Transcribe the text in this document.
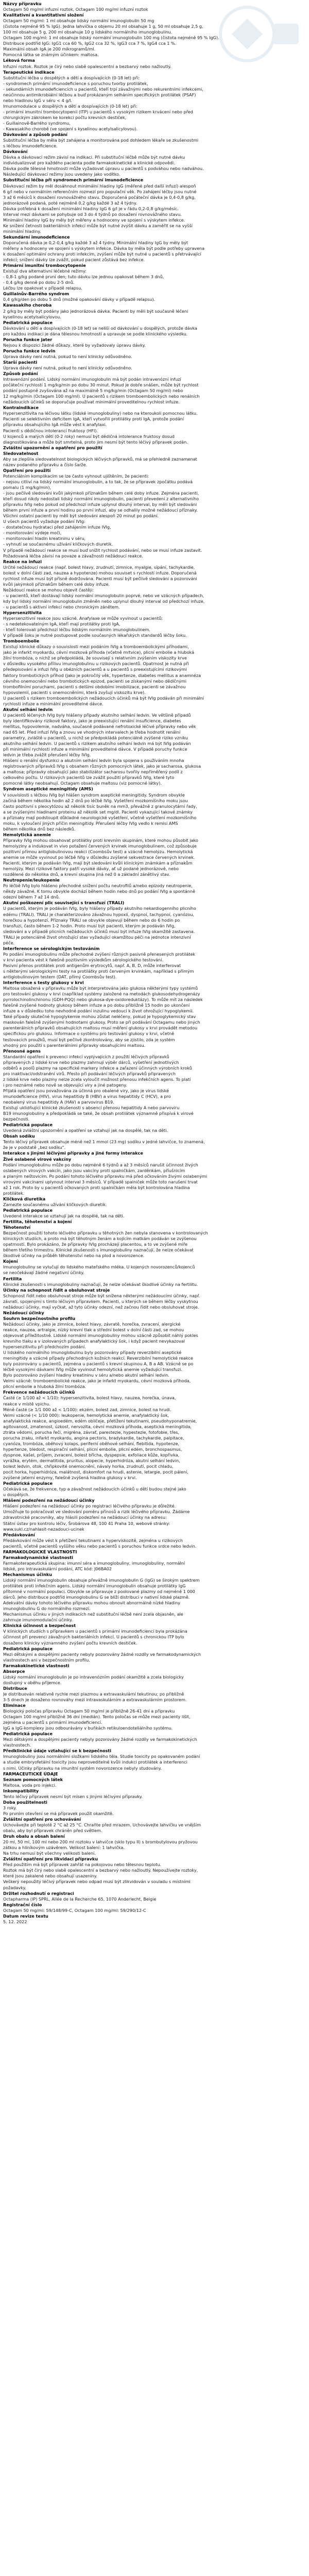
Názvy přípravku
Octagam 50 mg/ml infuzní roztok, Octagam 100 mg/ml infuzní roztok
Kvalitativní a kvantitativní složení
Octagam 50 mg/ml: 1 ml obsahuje lidský normální imunoglobulin 50 mg
(čistota nejméně 95 % IgG). Jedna lahvička o objemu 20 ml obsahuje 1 g, 50 ml obsahuje 2,5 g,
100 ml obsahuje 5 g, 200 ml obsahuje 10 g lidského normálního imunoglobulinu.
Octagam 100 mg/ml: 1 ml obsahuje lidský normální imunoglobulin 100 mg (čistota nejméně 95 % IgG).
Distribuce podtříd IgG: IgG1 cca 60 %, IgG2 cca 32 %, IgG3 cca 7 %, IgG4 cca 1 %.
Maximální obsah IgA je 200 mikrogramů/ml.
Pomocná látka se známým účinkem: maltosa.
Léková forma
Infuzní roztok. Roztok je čirý nebo slabě opalescentní a bezbarvý nebo nažloutlý.
Terapeutické indikace
Substituční léčba u dospělých a dětí a dospívajících (0-18 let) při:
- syndromech primární imunodeficience s poruchou tvorby protilátek,
- sekundárních imunodeficiencích u pacientů, kteří trpí závažnými nebo rekurentními infekcemi,
neúčinnou antimikrobiální léčbou a buď prokázaným selháním specifických protilátek (PSAF)
nebo hladinou IgG v séru < 4 g/l.
Imunomodulace u dospělých a dětí a dospívajících (0-18 let) při:
- primární imunitní trombocytopenii (ITP) u pacientů s vysokým rizikem krvácení nebo před
chirurgickým zákrokem ke korekci počtu krevních destiček,
- Guillainově-Barrého syndromu,
- Kawasakiho chorobě (ve spojení s kyselinou acetylsalicylovou).
Dávkování a způsob podání
Substituční léčba by měla být zahájena a monitorována pod dohledem lékaře se zkušenostmi
s léčbou imunodeficience.
Dávkování
Dávka a dávkovací režim závisí na indikaci. Při substituční léčbě může být nutné dávku
individualizovat pro každého pacienta podle farmakokinetické a klinické odpovědi.
Dávka podle tělesné hmotnosti může vyžadovat úpravu u pacientů s podváhou nebo nadváhou.
Následující dávkovací režimy jsou uvedeny jako vodítko.
Substituční léčba při syndromech primární imunodeficience
Dávkovací režim by měl dosáhnout minimální hladiny IgG (měřené před další infuzí) alespoň
6 g/l nebo v normálním referenčním rozmezí pro populační věk. Po zahájení léčby jsou nutné
3 až 6 měsíců k dosažení rovnovážného stavu. Doporučená počáteční dávka je 0,4-0,8 g/kg,
jednorázově podaná, poté nejméně 0,2 g/kg každé 3 až 4 týdny.
Dávka potřebná k dosažení minimální hladiny IgG 6 g/l je v řádu 0,2-0,8 g/kg/měsíc.
Interval mezi dávkami se pohybuje od 3 do 4 týdnů po dosažení rovnovážného stavu.
Minimální hladiny IgG by měly být měřeny a hodnoceny ve spojení s výskytem infekce.
Ke snížení četnosti bakteriálních infekcí může být nutné zvýšit dávku a zaměřit se na vyšší
minimální hladiny.
Sekundární imunodeficience
Doporučená dávka je 0,2-0,4 g/kg každé 3 až 4 týdny. Minimální hladiny IgG by měly být
měřeny a hodnoceny ve spojení s výskytem infekce. Dávka by měla být podle potřeby upravena
k dosažení optimální ochrany proti infekcím, zvýšení může být nutné u pacientů s přetrvávající
infekcí; snížení dávky lze zvážit, pokud pacient zůstává bez infekce.
Primární imunitní trombocytopenie
Existují dva alternativní léčebné režimy:
- 0,8-1 g/kg podané první den; tuto dávku lze jednou opakovat během 3 dnů,
- 0,4 g/kg denně po dobu 2-5 dnů.
Léčbu lze opakovat v případě relapsu.
Guillainův-Barrého syndrom
0,4 g/kg/den po dobu 5 dnů (možné opakování dávky v případě relapsu).
Kawasakiho choroba
2 g/kg by měly být podány jako jednorázová dávka. Pacienti by měli být současně léčeni
kyselinou acetylsalicylovou.
Pediatrická populace
Dávkování u dětí a dospívajících (0-18 let) se neliší od dávkování u dospělých, protože dávka
pro každou indikaci je dána tělesnou hmotností a upravuje se podle klinického výsledku.
Porucha funkce jater
Nejsou k dispozici žádné důkazy, které by vyžadovaly úpravu dávky.
Porucha funkce ledvin
Úprava dávky není nutná, pokud to není klinicky odůvodněno.
Starší pacienti
Úprava dávky není nutná, pokud to není klinicky odůvodněno.
Způsob podání
Intravenózní podání. Lidský normální imunoglobulin má být podán intravenózní infuzí
počáteční rychlostí 1 mg/kg/min po dobu 30 minut. Pokud je dobře snášen, může být rychlost
podání postupně zvyšována až na maximálně 5 mg/kg/min (Octagam 50 mg/ml) nebo
12 mg/kg/min (Octagam 100 mg/ml). U pacientů s rizikem tromboembolických nebo renálních
nežádoucích účinků se doporučuje používat minimální proveditelnou rychlost infuze.
Kontraindikace
Hypersenzitivita na léčivou látku (lidské imunoglobuliny) nebo na kteroukoli pomocnou látku.
Pacienti se selektivním deficitem IgA, kteří vytvořili protilátky proti IgA, protože podání
přípravku obsahujícího IgA může vést k anafylaxi.
Pacienti s dědičnou intolerancí fruktosy (HFI).
U kojenců a malých dětí (0-2 roky) nemusí být dědičná intolerance fruktosy dosud
diagnostikována a může být smrtelná, proto jim nesmí být tento léčivý přípravek podán.
Zvláštní upozornění a opatření pro použití
Sledovatelnost
Aby se zlepšila sledovatelnost biologických léčivých přípravků, má se přehledně zaznamenat
název podaného přípravku a číslo šarže.
Opatření pro použití
Potenciálním komplikacím se lze často vyhnout ujištěním, že pacienti:
- nejsou citliví na lidský normální imunoglobulin, a to tak, že se přípravek zpočátku podává
pomalu (1 mg/kg/min),
- jsou pečlivě sledováni kvůli jakýmkoli příznakům během celé doby infuze. Zejména pacienti,
kteří dosud nikdy nedostali lidský normální imunoglobulin, pacienti převedení z alternativního
přípravku IVIg nebo pokud od předchozí infuze uplynul dlouhý interval, by měli být sledováni
během první infuze a první hodinu po první infuzi, aby se odhalily možné nežádoucí příznaky.
Všichni ostatní pacienti by měli být sledováni alespoň 20 minut po podání.
U všech pacientů vyžaduje podání IVIg:
- dostatečnou hydrataci před zahájením infuze IVIg,
- monitorování výdeje moči,
- monitorování hladin kreatininu v séru,
- vyhnutí se současnému užívání kličkových diuretik.
V případě nežádoucí reakce se musí buď snížit rychlost podávání, nebo se musí infuze zastavit.
Požadovaná léčba závisí na povaze a závažnosti nežádoucí reakce.
Reakce na infuzi
Určité nežádoucí reakce (např. bolest hlavy, zrudnutí, zimnice, myalgie, sípání, tachykardie,
bolest v dolní části zad, nauzea a hypotenze) mohou souviset s rychlostí infuze. Doporučená
rychlost infuze musí být přísně dodržována. Pacienti musí být pečlivě sledováni a pozorováni
kvůli jakýmkoli příznakům během celé doby infuze.
Nežádoucí reakce se mohou objevit častěji:
- u pacientů, kteří dostávají lidský normální imunoglobulin poprvé, nebo ve vzácných případech,
kdy byl lidský normální imunoglobulin změněn nebo uplynul dlouhý interval od předchozí infuze,
- u pacientů s aktivní infekcí nebo chronickým zánětem.
Hypersenzitivita
Hypersenzitivní reakce jsou vzácné. Anafylaxe se může vyvinout u pacientů:
- s nedetekovatelným IgA, kteří mají protilátky proti IgA,
- kteří tolerovali předchozí léčbu lidským normálním imunoglobulinem.
V případě šoku je nutné postupovat podle současných lékařských standardů léčby šoku.
Tromboembolie
Existují klinické důkazy o souvislosti mezi podáním IVIg a tromboembolickými příhodami,
jako je infarkt myokardu, cévní mozková příhoda (včetně mrtvice), plicní embolie a hluboká
žilní trombóza, o nichž se předpokládá, že souvisejí s relativním zvýšením viskozity krve
v důsledku vysokého přílivu imunoglobulinu u rizikových pacientů. Opatrnost je nutná při
předepisování a infuzi IVIg u obézních pacientů a u pacientů s preexistujícími rizikovými
faktory trombotických příhod (jako je pokročilý věk, hypertenze, diabetes mellitus a anamnéza
cévního onemocnění nebo trombotických epizod, pacienti se získanými nebo dědičnými
trombofilními poruchami, pacienti s delšími obdobími imobilizace, pacienti se závažnou
hypovolemií, pacienti s onemocněními, která zvyšují viskozitu krve).
U pacientů s rizikem tromboembolických nežádoucích účinků má být IVIg podáván při minimální
rychlosti infuze a minimální proveditelné dávce.
Akutní selhání ledvin
U pacientů léčených IVIg byly hlášeny případy akutního selhání ledvin. Ve většině případů
byly identifikovány rizikové faktory, jako je preexistující renální insuficience, diabetes
mellitus, hypovolemie, nadváha, současně podávané nefrotoxické léčivé přípravky nebo věk
nad 65 let. Před infuzí IVIg a znovu ve vhodných intervalech je třeba hodnotit renální
parametry, zvláště u pacientů, u nichž se předpokládá potenciálně zvýšené riziko vzniku
akutního selhání ledvin. U pacientů s rizikem akutního selhání ledvin má být IVIg podáván
při minimální rychlosti infuze a minimální proveditelné dávce. V případě poruchy funkce
ledvin je třeba zvážit přerušení léčby IVIg.
Hlášení o renální dysfunkci a akutním selhání ledvin byla spojena s používáním mnoha
registrovaných přípravků IVIg s obsahem různých pomocných látek, jako je sacharosa, glukosa
a maltosa; přípravky obsahující jako stabilizátor sacharosu tvořily nepřiměřený podíl z
celkového počtu. U rizikových pacientů lze zvážit použití přípravků IVIg, které tyto
pomocné látky neobsahují. Octagam obsahuje maltosu (viz pomocné látky).
Syndrom aseptické meningitidy (AMS)
V souvislosti s léčbou IVIg byl hlášen syndrom aseptické meningitidy. Syndrom obvykle
začíná během několika hodin až 2 dnů po léčbě IVIg. Vyšetření mozkomíšního moku jsou
často pozitivní s pleocytózou až několik tisíc buněk na mm3, převážně z granulocytární řady,
a se zvýšenými hladinami proteinu až několik set mg/dl. Pacienti vykazující takové známky
a příznaky mají podstoupit důkladné neurologické vyšetření, včetně vyšetření mozkomíšního
moku, k vyloučení jiných příčin meningitidy. Přerušení léčby IVIg vedlo k remisi AMS
během několika dnů bez následků.
Hemolytická anemie
Přípravky IVIg mohou obsahovat protilátky proti krevním skupinám, které mohou působit jako
hemolyziny a indukovat in vivo potažení červených krvinek imunoglobulinem, což způsobuje
pozitivní přímou antiglobulinovou reakci (Coombsův test) a vzácně hemolýzu. Hemolytická
anemie se může vyvinout po léčbě IVIg v důsledku zvýšené sekvestrace červených krvinek.
Pacienti, kterým je podáván IVIg, mají být sledováni kvůli klinickým známkám a příznakům
hemolýzy. Mezi rizikové faktory patří vysoké dávky, ať už podané jednorázově, nebo
rozdělené do několika dnů, a krevní skupina jiná než 0 a základní zánětlivý stav.
Neutropenie/leukopenie
Po léčbě IVIg bylo hlášeno přechodné snížení počtu neutrofilů a/nebo epizody neutropenie,
někdy závažné. K tomu obvykle dochází během hodin nebo dnů po podání IVIg a spontánně
odezní během 7 až 14 dnů.
Akutní poškození plic související s transfuzí (TRALI)
U pacientů, kterým je podáván IVIg, byly hlášeny případy akutního nekardiogenního plicního
edému (TRALI). TRALI je charakterizováno závažnou hypoxií, dyspnoí, tachypnoí, cyanózou,
horečkou a hypotenzí. Příznaky TRALI se obvykle objevují během nebo do 6 hodin po
transfuzi, často během 1-2 hodin. Proto musí být pacienti, kterým je podáván IVIg,
sledováni a v případě plicních nežádoucích účinků musí být infuze IVIg okamžitě zastavena.
TRALI je potenciálně život ohrožující stav vyžadující okamžitou péči na jednotce intenzivní
péče.
Interference se sérologickým testováním
Po podání imunoglobulinu může přechodné zvýšení různých pasivně přenesených protilátek
v krvi pacienta vést k falešně pozitivním výsledkům sérologického testování.
Pasivní přenos protilátek proti antigenům erytrocytů, např. A, B, D, může interferovat
s některými sérologickými testy na protilátky proti červeným krvinkám, například s přímým
antiglobulinovým testem (DAT, přímý Coombsův test).
Interference s testy glukosy v krvi
Maltosa obsažená v přípravku může být interpretována jako glukosa některými typy systémů
pro testování glukosy v krvi (například systémy založené na metodách glukosodehydrogenázy
pyrrolochinolinchinonu (GDH-PQQ) nebo glukosa-dye-oxidoreduktázy). To může mít za následek
falešně zvýšené hodnoty glukosy během infuze a po dobu přibližně 15 hodin po ukončení
infuze a v důsledku toho nevhodné podání inzulinu vedoucí k život ohrožující hypoglykemii.
Také případy skutečné hypoglykemie mohou zůstat neléčeny, pokud je hypoglykemický stav
maskován falešně zvýšenými hodnotami glukosy. Proto se při podávání Octagamu nebo jiných
parenterálních přípravků obsahujících maltosu musí měření glukosy v krvi provádět metodou
specifickou pro glukosu. Informace o systému pro testování glukosy v krvi, včetně
testovacích proužků, musí být pečlivě zkontrolovány, aby se zjistilo, zda je systém
vhodný pro použití s parenterálními přípravky obsahujícími maltosu.
Přenosné agens
Standardní opatření k prevenci infekcí vyplývajících z použití léčivých přípravků
připravených z lidské krve nebo plazmy zahrnují výběr dárců, vyšetření jednotlivých
odběrů a poolů plazmy na specifické markery infekce a zařazení účinných výrobních kroků
pro inaktivaci/odstranění virů. Přesto při podávání léčivých přípravků připravených
z lidské krve nebo plazmy nelze zcela vyloučit možnost přenosu infekčních agens. To platí
i pro neznámé nebo nově se objevující viry a jiné patogeny.
Přijatá opatření jsou považována za účinná pro obalené viry, jako je virus lidské
imunodeficience (HIV), virus hepatitidy B (HBV) a virus hepatitidy C (HCV), a pro
neobalený virus hepatitidy A (HAV) a parvovirus B19.
Existují uklidňující klinické zkušenosti s absencí přenosu hepatitidy A nebo parvoviru
B19 imunoglobuliny a předpokládá se také, že obsah protilátek významně přispívá k virové
bezpečnosti.
Pediatrická populace
Uvedená zvláštní upozornění a opatření se vztahují jak na dospělé, tak na děti.
Obsah sodíku
Tento léčivý přípravek obsahuje méně než 1 mmol (23 mg) sodíku v jedné lahvičce, to znamená,
že je v podstatě „bez sodíku“.
Interakce s jinými léčivými přípravky a jiné formy interakce
Živé oslabené virové vakcíny
Podání imunoglobulinu může po dobu nejméně 6 týdnů a až 3 měsíců narušit účinnost živých
oslabených virových vakcín, jako jsou vakcíny proti spalničkám, zarděnkám, příušnicím
a planým neštovicím. Po podání tohoto léčivého přípravku má před očkováním živými oslabenými
virovými vakcínami uplynout interval 3 měsíců. V případě spalniček může toto narušení trvat
až 1 rok. Proto by u pacientů očkovaných proti spalničkám měla být kontrolována hladina
protilátek.
Kličková diuretika
Zamezte současnému užívání kličkových diuretik.
Pediatrická populace
Uvedené interakce se vztahují jak na dospělé, tak na děti.
Fertilita, těhotenství a kojení
Těhotenství
Bezpečnost použití tohoto léčivého přípravku u těhotných žen nebyla stanovena v kontrolovaných
klinických studiích, a proto má být těhotným ženám a kojícím matkám podáván se zvýšenou
opatrností. Bylo prokázáno, že přípravky IVIg procházejí placentou, a to ve zvýšené míře
během třetího trimestru. Klinické zkušenosti s imunoglobuliny naznačují, že nelze očekávat
škodlivé účinky na průběh těhotenství nebo na plod a novorozence.
Kojení
Imunoglobuliny se vylučují do lidského mateřského mléka. U kojených novorozenců/kojenců
se neočekávají žádné negativní účinky.
Fertilita
Klinické zkušenosti s imunoglobuliny naznačují, že nelze očekávat škodlivé účinky na fertilitu.
Účinky na schopnost řídit a obsluhovat stroje
Schopnost řídit nebo obsluhovat stroje může být snížena některými nežádoucími účinky, např.
závratí, spojenými s tímto léčivým přípravkem. Pacienti, u kterých se během léčby vyskytnou
nežádoucí účinky, mají vyčkat, až tyto účinky odezní, než začnou řídit nebo obsluhovat stroje.
Nežádoucí účinky
Souhrn bezpečnostního profilu
Nežádoucí účinky, jako je zimnice, bolest hlavy, závratě, horečka, zvracení, alergické
reakce, nauzea, artralgie, nízký krevní tlak a střední bolest v dolní části zad, se mohou
objevovat příležitostně. Lidské normální imunoglobuliny mohou vzácně způsobit náhlý pokles
krevního tlaku a v izolovaných případech anafylaktický šok, i když pacient nevykazoval
hypersenzitivitu při předchozím podání.
U lidského normálního imunoglobulinu byly pozorovány případy reverzibilní aseptické
meningitidy a vzácné případy přechodných kožních reakcí. Reverzibilní hemolytické reakce
byly pozorovány u pacientů, zejména u pacientů s krevní skupinou A, B a AB. Vzácně se po
léčbě vysokými dávkami IVIg může vyvinout hemolytická anemie vyžadující transfuzi.
Bylo pozorováno zvýšení hladiny kreatininu v séru a/nebo akutní selhání ledvin.
Velmi vzácně: tromboembolické reakce, jako je infarkt myokardu, cévní mozková příhoda,
plicní embolie a hluboká žilní trombóza.
Frekvence nežádoucích účinků
Časté (≥ 1/100 až < 1/10): hypersenzitivita, bolest hlavy, nauzea, horečka, únava,
reakce v místě vpichu.
Méně časté (≥ 1/1 000 až < 1/100): ekzém, bolest zad, zimnice, bolest na hrudi.
Velmi vzácné (< 1/10 000): leukopenie, hemolytická anemie, anafylaktický šok,
anafylaktická reakce, angioedém, edém obličeje, přetížení tekutinami, pseudohyponatremie,
agitovanost, zmatenost, úzkost, nervozita, cévní mozková příhoda, aseptická meningitida,
ztráta vědomí, porucha řeči, migréna, závrať, parestezie, hypestezie, fotofobie, třes,
porucha zraku, infarkt myokardu, angina pectoris, bradykardie, tachykardie, palpitace,
cyanóza, trombóza, oběhový kolaps, periferní oběhové selhání, flebitida, hypotenze,
hypertenze, bledost, respirační selhání, plicní embolie, plicní edém, bronchospasmus,
dyspnoe, kašel, průjem, zvracení, bolest břicha, dyspepsie, exfoliace kůže, kopřivka,
vyrážka, erytém, dermatitida, pruritus, alopecie, hyperhidróza, akutní selhání ledvin,
bolest ledvin, otok, chřipkovité onemocnění, návaly horka, zrudnutí, pocit chladu,
pocit horka, hyperhidróza, malátnost, diskomfort na hrudi, astenie, letargie, pocit pálení,
zvýšené jaterní enzymy, falešně zvýšená hladina glukosy v krvi.
Pediatrická populace
Očekává se, že frekvence, typ a závažnost nežádoucích účinků u dětí budou stejné jako
u dospělých.
Hlášení podezření na nežádoucí účinky
Hlášení podezření na nežádoucí účinky po registraci léčivého přípravku je důležité.
Umožňuje to pokračovat ve sledování poměru přínosů a rizik léčivého přípravku. Žádáme
zdravotnické pracovníky, aby hlásili podezření na nežádoucí účinky na adresu:
Státní ústav pro kontrolu léčiv, Šrobárova 48, 100 41 Praha 10, webové stránky:
www.sukl.cz/nahlasit-nezadouci-ucinek
Předávkování
Předávkování může vést k přetížení tekutinami a hyperviskozitě, zejména u rizikových
pacientů, včetně pacientů vyššího věku nebo pacientů s poruchou funkce srdce nebo ledvin.
FARMAKOLOGICKÉ VLASTNOSTI
Farmakodynamické vlastnosti
Farmakoterapeutická skupina: imunní séra a imunoglobuliny, imunoglobuliny, normální
lidské, pro intravaskulární podání, ATC kód: J06BA02
Mechanismus účinku
Lidský normální imunoglobulin obsahuje převážně imunoglobulin G (IgG) se širokým spektrem
protilátek proti infekčním agens. Lidský normální imunoglobulin obsahuje protilátky IgG
přítomné v normální populaci. Obvykle se připravuje z poolované plazmy od nejméně 1 000
dárců. Jeho distribuce podtříd imunoglobulinu G se blíží distribuci v nativní lidské plazmě.
Adekvátní dávky tohoto léčivého přípravku mohou obnovit abnormálně nízké hladiny
imunoglobulinu G do normálního rozmezí.
Mechanismus účinku v jiných indikacích než substituční léčbě není zcela objasněn, ale
zahrnuje imunomodulační účinky.
Klinická účinnost a bezpečnost
V klinických studiích s přípravkem u pacientů s primární imunodeficiencí byla prokázána
účinnost při prevenci závažných bakteriálních infekcí. U pacientů s chronickou ITP bylo
dosaženo klinicky významného zvýšení počtu krevních destiček.
Pediatrická populace
Mezi dětskými a dospělými pacienty nebyly pozorovány žádné rozdíly ve farmakodynamických
vlastnostech ani v bezpečnostním profilu.
Farmakokinetické vlastnosti
Absorpce
Lidský normální imunoglobulin je po intravenózním podání okamžitě a zcela biologicky
dostupný v oběhu příjemce.
Distribuce
Je distribuován relativně rychle mezi plazmou a extravaskulární tekutinou; po přibližně
3-5 dnech je dosaženo rovnováhy mezi intravaskulárním a extravaskulárním prostorem.
Eliminace
Biologický poločas přípravku Octagam 50 mg/ml je přibližně 26-41 dní a přípravku
Octagam 100 mg/ml přibližně 36 dní (medián). Tento poločas se může mezi pacienty lišit,
zejména u pacientů s primární imunodeficiencí.
IgG a IgG-komplexy jsou odbourávány v buňkách retikuloendoteliálního systému.
Pediatrická populace
Mezi dětskými a dospělými pacienty nebyly pozorovány žádné rozdíly ve farmakokinetických
vlastnostech.
Předklinické údaje vztahující se k bezpečnosti
Imunoglobuliny jsou normálními složkami lidského těla. Studie toxicity po opakovaném podání
a studie embryofetální toxicity jsou neproveditelné kvůli indukci protilátek a interferenci
s nimi. Účinky přípravku na imunitní systém novorozence nebyly studovány.
FARMACEUTICKÉ ÚDAJE
Seznam pomocných látek
Maltosa, voda pro injekci.
Inkompatibility
Tento léčivý přípravek nesmí být mísen s jinými léčivými přípravky.
Doba použitelnosti
3 roky.
Po prvním otevření se má přípravek použít okamžitě.
Zvláštní opatření pro uchovávání
Uchovávejte při teplotě 2 °C až 25 °C. Chraňte před mrazem. Uchovávejte lahvičku ve vnějším
obalu, aby byl přípravek chráněn před světlem.
Druh obalu a obsah balení
20 ml, 50 ml, 100 ml nebo 200 ml roztoku v lahvičce (sklo typu II) s brombutylovou pryžovou
zátkou a hliníkovým uzávěrem. Velikost balení: 1 lahvička.
Na trhu nemusí být všechny velikosti balení.
Zvláštní opatření pro likvidaci přípravku
Před použitím má být přípravek zahřát na pokojovou nebo tělesnou teplotu.
Roztok má být čirý nebo slabě opalescentní a bezbarvý nebo nažloutlý. Nepoužívejte roztoky,
které jsou zakalené nebo obsahují usazeniny.
Veškerý nepoužitý léčivý přípravek nebo odpad musí být zlikvidován v souladu s místními
požadavky.
Držitel rozhodnutí o registraci
Octapharma (IP) SPRL, Allée de la Recherche 65, 1070 Anderlecht, Belgie
Registrační číslo
Octagam 50 mg/ml: 59/148/99-C, Octagam 100 mg/ml: 59/290/12-C
Datum revize textu
5. 12. 2022
